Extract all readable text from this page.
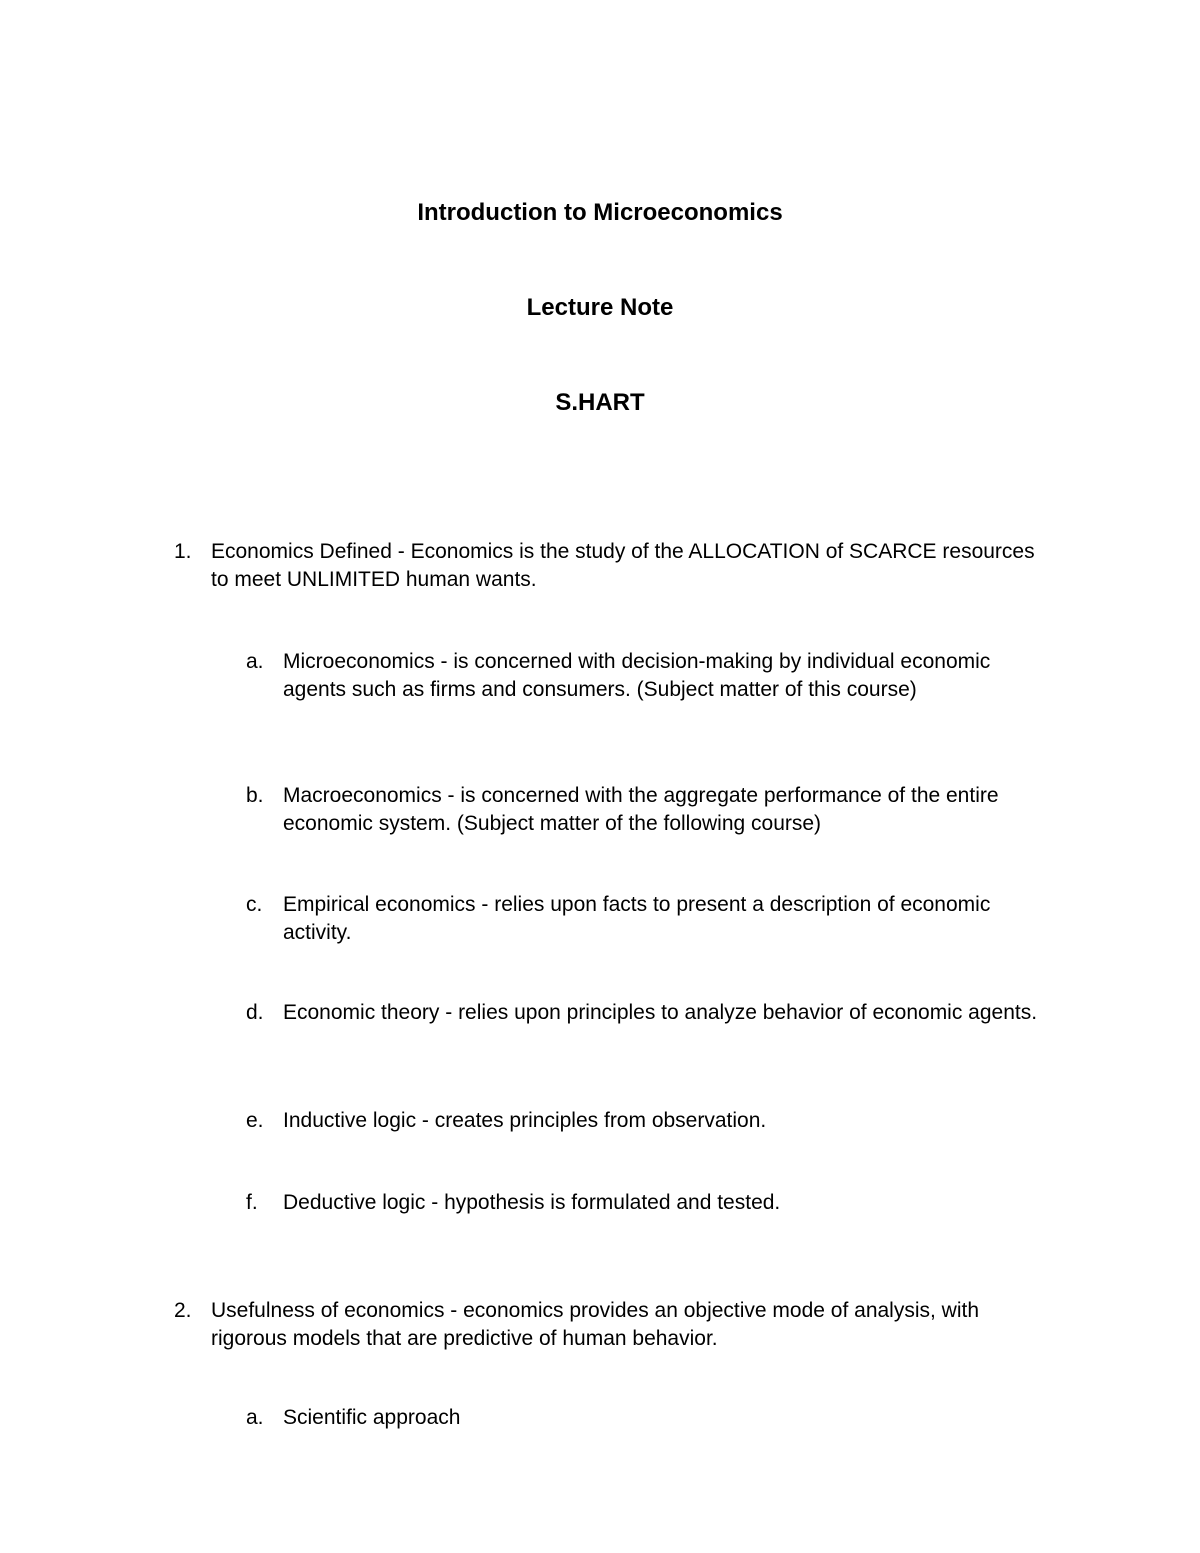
Introduction to Microeconomics
Lecture Note
S.HART
1. Economics Defined - Economics is the study of the ALLOCATION of SCARCE resources to meet UNLIMITED human wants.
a. Microeconomics - is concerned with decision-making by individual economic agents such as firms and consumers. (Subject matter of this course)
b. Macroeconomics - is concerned with the aggregate performance of the entire economic system. (Subject matter of the following course)
c. Empirical economics - relies upon facts to present a description of economic activity.
d. Economic theory - relies upon principles to analyze behavior of economic agents.
e. Inductive logic - creates principles from observation.
f.	Deductive logic - hypothesis is formulated and tested.
2. Usefulness of economics - economics provides an objective mode of analysis, with rigorous models that are predictive of human behavior.
a. Scientific approach
